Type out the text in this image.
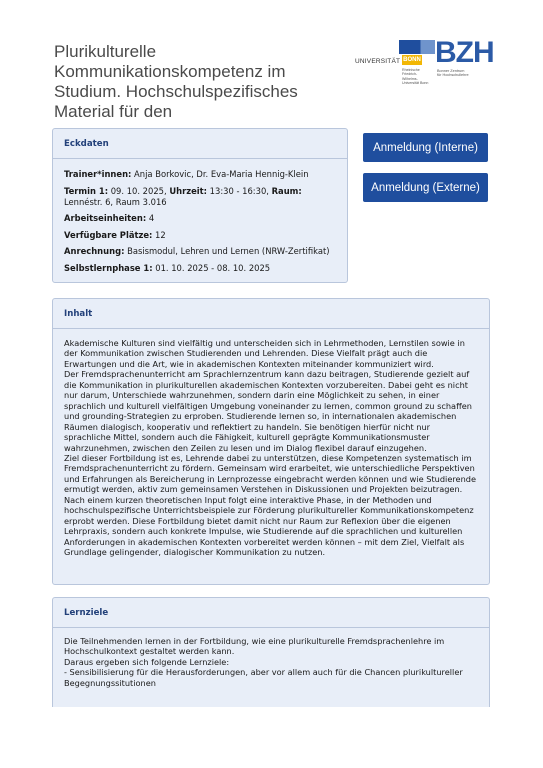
Plurikulturelle Kommunikationskompetenz im Studium. Hochschulspezifisches Material für den
UNIVERSITÄT BONN
Rheinische
Friedrich-Wilhelms-
Universität Bonn
BZH
Bonner Zentrum
für Hochschullehre
Eckdaten
Trainer*innen: Anja Borkovic, Dr. Eva-Maria Hennig-Klein
Termin 1: 09. 10. 2025, Uhrzeit: 13:30 - 16:30, Raum: Lennéstr. 6, Raum 3.016
Arbeitseinheiten: 4
Verfügbare Plätze: 12
Anrechnung: Basismodul, Lehren und Lernen (NRW-Zertifikat)
Selbstlernphase 1: 01. 10. 2025 - 08. 10. 2025
Anmeldung (Interne)
Anmeldung (Externe)
Inhalt

Akademische Kulturen sind vielfältig und unterscheiden sich in Lehrmethoden, Lernstilen sowie in der Kommunikation zwischen Studierenden und Lehrenden. Diese Vielfalt prägt auch die Erwartungen und die Art, wie in akademischen Kontexten miteinander kommuniziert wird.

Der Fremdsprachenunterricht am Sprachlernzentrum kann dazu beitragen, Studierende gezielt auf die Kommunikation in plurikulturellen akademischen Kontexten vorzubereiten. Dabei geht es nicht nur darum, Unterschiede wahrzunehmen, sondern darin eine Möglichkeit zu sehen, in einer sprachlich und kulturell vielfältigen Umgebung voneinander zu lernen, common ground zu schaffen und grounding-Strategien zu erproben. Studierende lernen so, in internationalen akademischen Räumen dialogisch, kooperativ und reflektiert zu handeln. Sie benötigen hierfür nicht nur sprachliche Mittel, sondern auch die Fähigkeit, kulturell geprägte Kommunikationsmuster

wahrzunehmen, zwischen den Zeilen zu lesen und im Dialog flexibel darauf einzugehen.

Ziel dieser Fortbildung ist es, Lehrende dabei zu unterstützen, diese Kompetenzen systematisch im Fremdsprachenunterricht zu fördern. Gemeinsam wird erarbeitet, wie unterschiedliche Perspektiven und Erfahrungen als Bereicherung in Lernprozesse eingebracht werden können und wie Studierende ermutigt werden, aktiv zum gemeinsamen Verstehen in Diskussionen und Projekten beizutragen.

Nach einem kurzen theoretischen Input folgt eine interaktive Phase, in der Methoden und hochschulspezifische Unterrichtsbeispiele zur Förderung plurikultureller Kommunikationskompetenz erprobt werden. Diese Fortbildung bietet damit nicht nur Raum zur Reflexion über die eigenen Lehrpraxis, sondern auch konkrete Impulse, wie Studierende auf die sprachlichen und kulturellen Anforderungen in akademischen Kontexten vorbereitet werden können – mit dem Ziel, Vielfalt als Grundlage gelingender, dialogischer Kommunikation zu nutzen.

Lernziele

Die Teilnehmenden lernen in der Fortbildung, wie eine plurikulturelle Fremdsprachenlehre im Hochschulkontext gestaltet werden kann.

Daraus ergeben sich folgende Lernziele:

- Sensibilisierung für die Herausforderungen, aber vor allem auch für die Chancen plurikultureller Begegnungssitutionen
